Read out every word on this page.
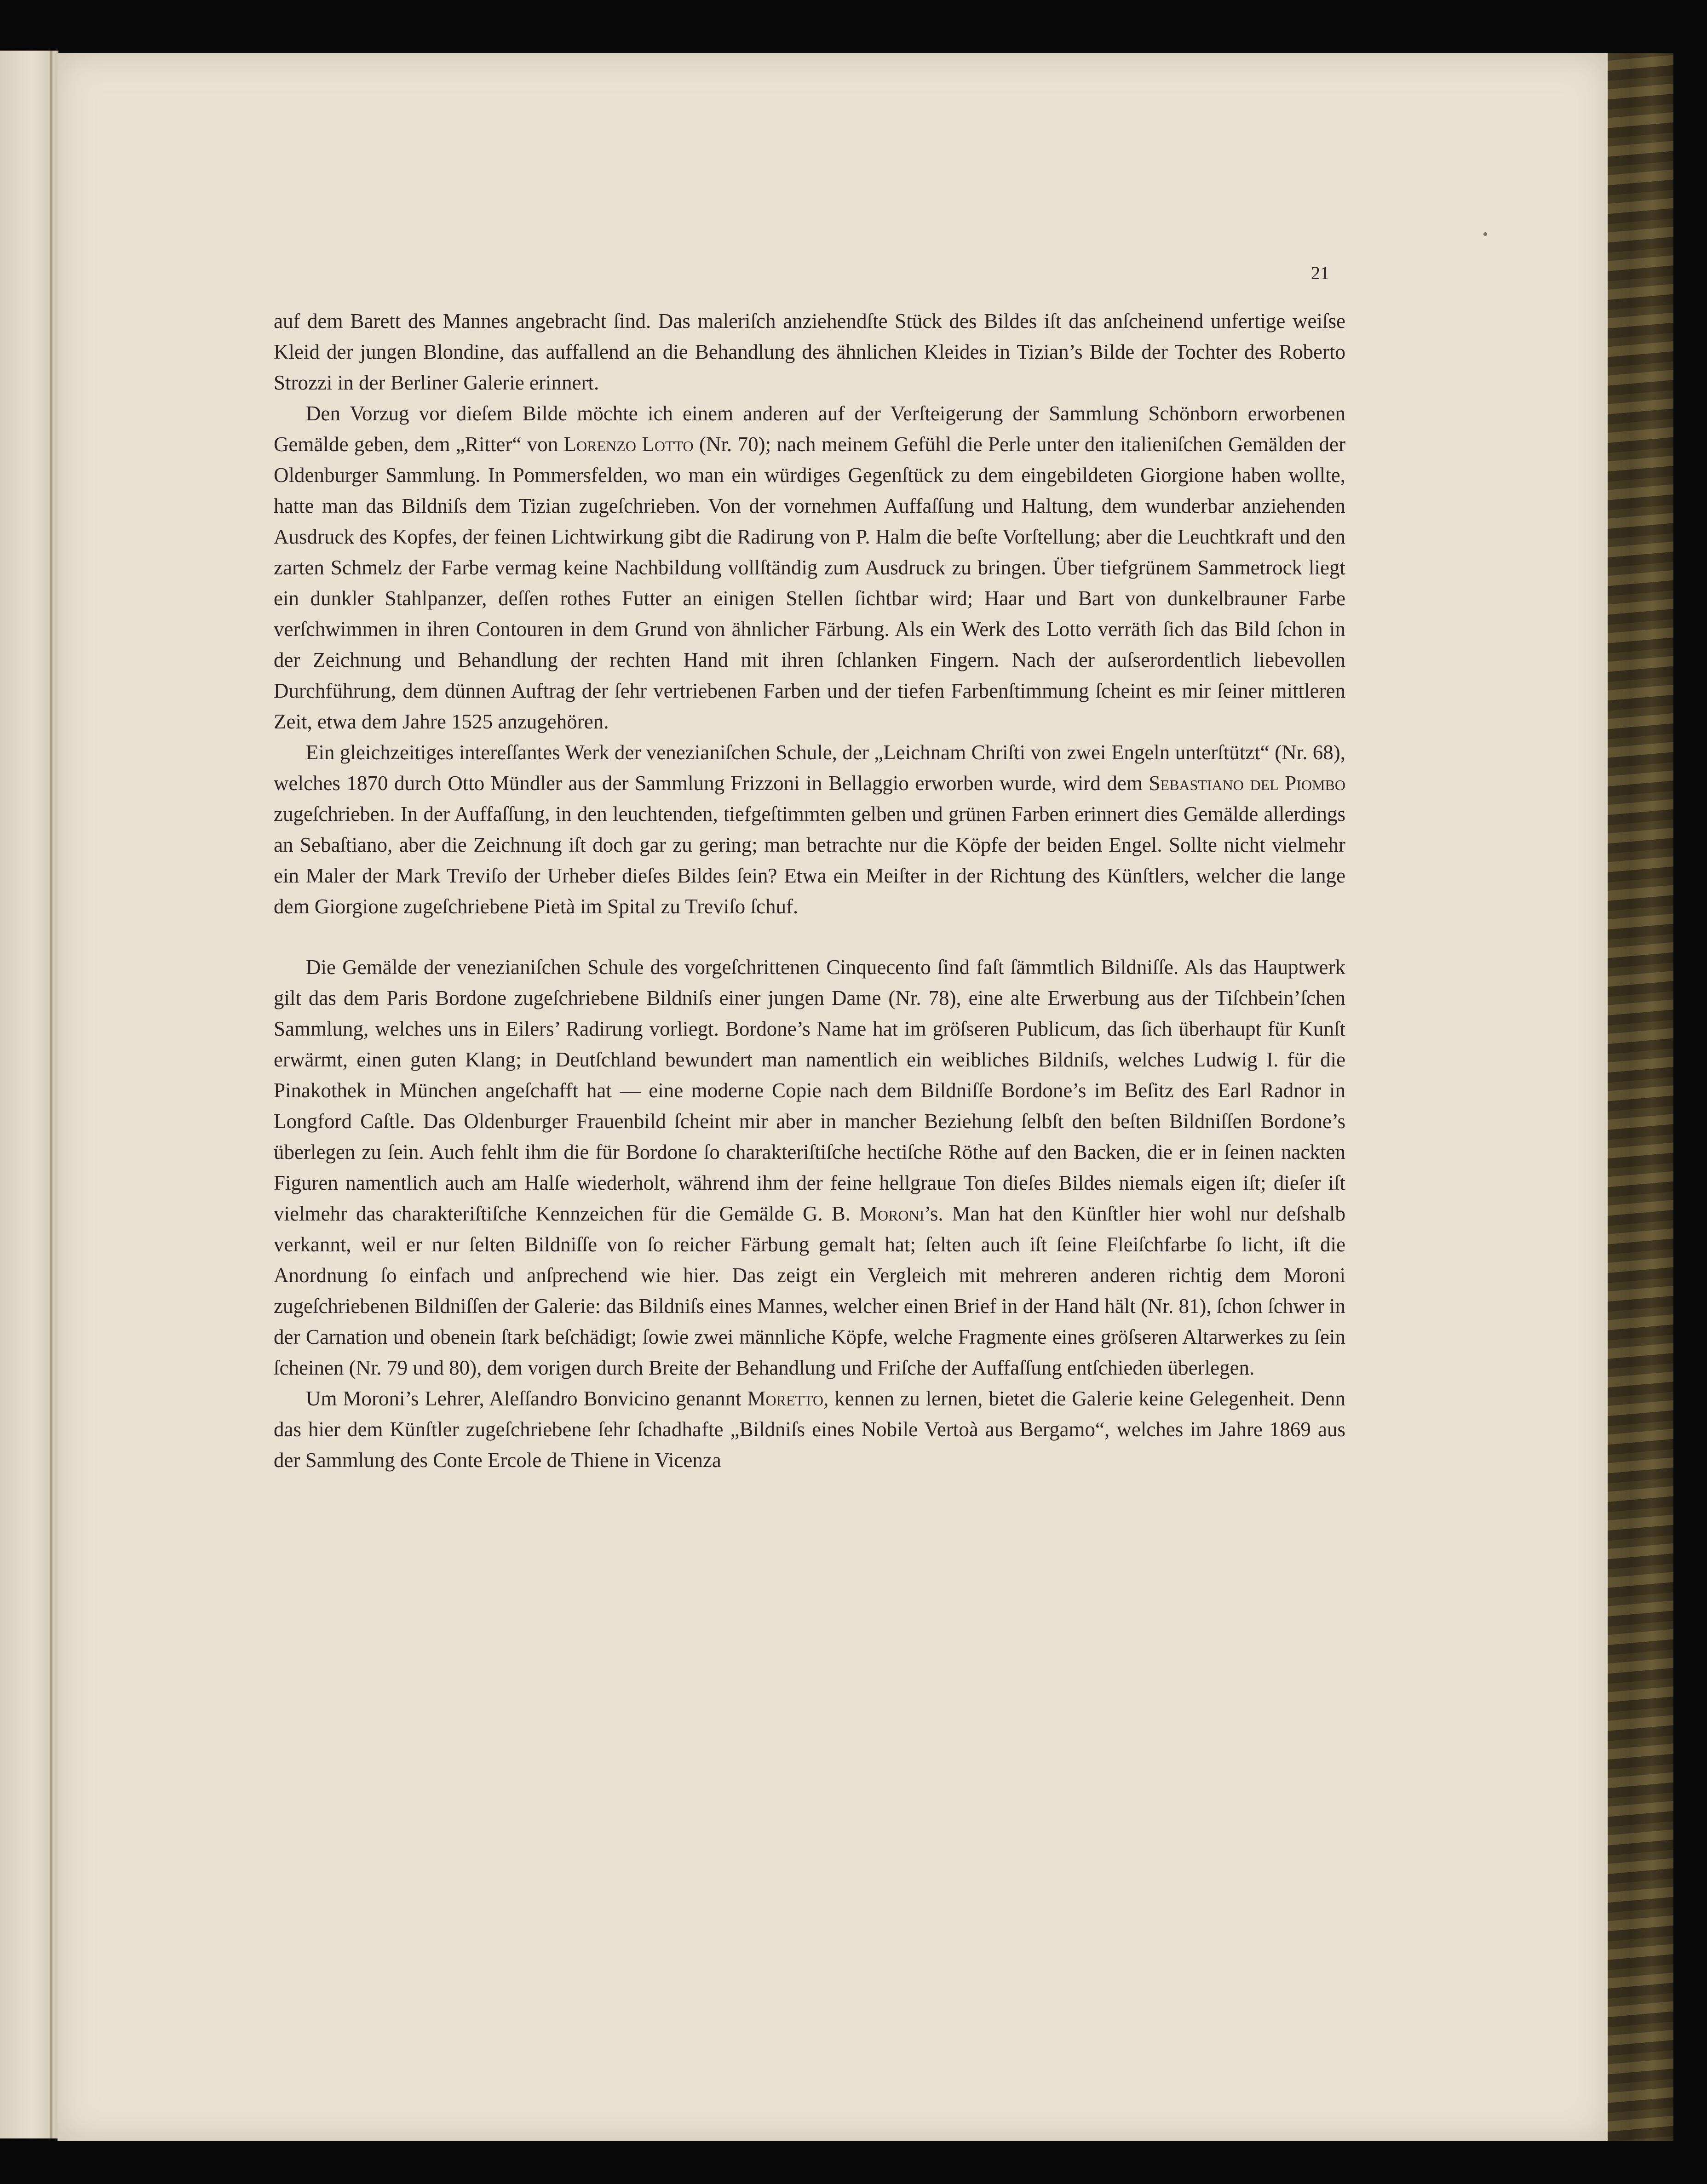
21

auf dem Barett des Mannes angebracht ſind. Das maleriſch anziehendſte Stück des Bildes iſt das anſcheinend unfertige weiſse Kleid der jungen Blondine, das auffallend an die Behandlung des ähnlichen Kleides in Tizian’s Bilde der Tochter des Roberto Strozzi in der Berliner Galerie erinnert.

Den Vorzug vor dieſem Bilde möchte ich einem anderen auf der Verſteigerung der Sammlung Schönborn erworbenen Gemälde geben, dem „Ritter“ von Lorenzo Lotto (Nr. 70); nach meinem Gefühl die Perle unter den italieniſchen Gemälden der Oldenburger Sammlung. In Pommersfelden, wo man ein würdiges Gegenſtück zu dem eingebildeten Giorgione haben wollte, hatte man das Bildniſs dem Tizian zugeſchrieben. Von der vornehmen Auffaſſung und Haltung, dem wunderbar anziehenden Ausdruck des Kopfes, der feinen Lichtwirkung gibt die Radirung von P. Halm die beſte Vorſtellung; aber die Leuchtkraft und den zarten Schmelz der Farbe vermag keine Nachbildung vollſtändig zum Ausdruck zu bringen. Über tiefgrünem Sammetrock liegt ein dunkler Stahlpanzer, deſſen rothes Futter an einigen Stellen ſichtbar wird; Haar und Bart von dunkelbrauner Farbe verſchwimmen in ihren Contouren in dem Grund von ähnlicher Färbung. Als ein Werk des Lotto verräth ſich das Bild ſchon in der Zeichnung und Behandlung der rechten Hand mit ihren ſchlanken Fingern. Nach der auſserordentlich liebevollen Durchführung, dem dünnen Auftrag der ſehr vertriebenen Farben und der tiefen Farbenſtimmung ſcheint es mir ſeiner mittleren Zeit, etwa dem Jahre 1525 anzugehören.

Ein gleichzeitiges intereſſantes Werk der venezianiſchen Schule, der „Leichnam Chriſti von zwei Engeln unterſtützt“ (Nr. 68), welches 1870 durch Otto Mündler aus der Sammlung Frizzoni in Bellaggio erworben wurde, wird dem Sebastiano del Piombo zugeſchrieben. In der Auffaſſung, in den leuchtenden, tiefgeſtimmten gelben und grünen Farben erinnert dies Gemälde allerdings an Sebaſtiano, aber die Zeichnung iſt doch gar zu gering; man betrachte nur die Köpfe der beiden Engel. Sollte nicht vielmehr ein Maler der Mark Treviſo der Urheber dieſes Bildes ſein? Etwa ein Meiſter in der Richtung des Künſtlers, welcher die lange dem Giorgione zugeſchriebene Pietà im Spital zu Treviſo ſchuf.

Die Gemälde der venezianiſchen Schule des vorgeſchrittenen Cinquecento ſind faſt ſämmtlich Bildniſſe. Als das Hauptwerk gilt das dem Paris Bordone zugeſchriebene Bildniſs einer jungen Dame (Nr. 78), eine alte Erwerbung aus der Tiſchbein’ſchen Sammlung, welches uns in Eilers’ Radirung vorliegt. Bordone’s Name hat im gröſseren Publicum, das ſich überhaupt für Kunſt erwärmt, einen guten Klang; in Deutſchland bewundert man namentlich ein weibliches Bildniſs, welches Ludwig I. für die Pinakothek in München angeſchafft hat — eine moderne Copie nach dem Bildniſſe Bordone’s im Beſitz des Earl Radnor in Longford Caſtle. Das Oldenburger Frauenbild ſcheint mir aber in mancher Beziehung ſelbſt den beſten Bildniſſen Bordone’s überlegen zu ſein. Auch fehlt ihm die für Bordone ſo charakteriſtiſche hectiſche Röthe auf den Backen, die er in ſeinen nackten Figuren namentlich auch am Halſe wiederholt, während ihm der feine hellgraue Ton dieſes Bildes niemals eigen iſt; dieſer iſt vielmehr das charakteriſtiſche Kennzeichen für die Gemälde G. B. Moroni’s. Man hat den Künſtler hier wohl nur deſshalb verkannt, weil er nur ſelten Bildniſſe von ſo reicher Färbung gemalt hat; ſelten auch iſt ſeine Fleiſchfarbe ſo licht, iſt die Anordnung ſo einfach und anſprechend wie hier. Das zeigt ein Vergleich mit mehreren anderen richtig dem Moroni zugeſchriebenen Bildniſſen der Galerie: das Bildniſs eines Mannes, welcher einen Brief in der Hand hält (Nr. 81), ſchon ſchwer in der Carnation und obenein ſtark beſchädigt; ſowie zwei männliche Köpfe, welche Fragmente eines gröſseren Altarwerkes zu ſein ſcheinen (Nr. 79 und 80), dem vorigen durch Breite der Behandlung und Friſche der Auffaſſung entſchieden überlegen.

Um Moroni’s Lehrer, Aleſſandro Bonvicino genannt Moretto, kennen zu lernen, bietet die Galerie keine Gelegenheit. Denn das hier dem Künſtler zugeſchriebene ſehr ſchadhafte „Bildniſs eines Nobile Vertoà aus Bergamo“, welches im Jahre 1869 aus der Sammlung des Conte Ercole de Thiene in Vicenza
